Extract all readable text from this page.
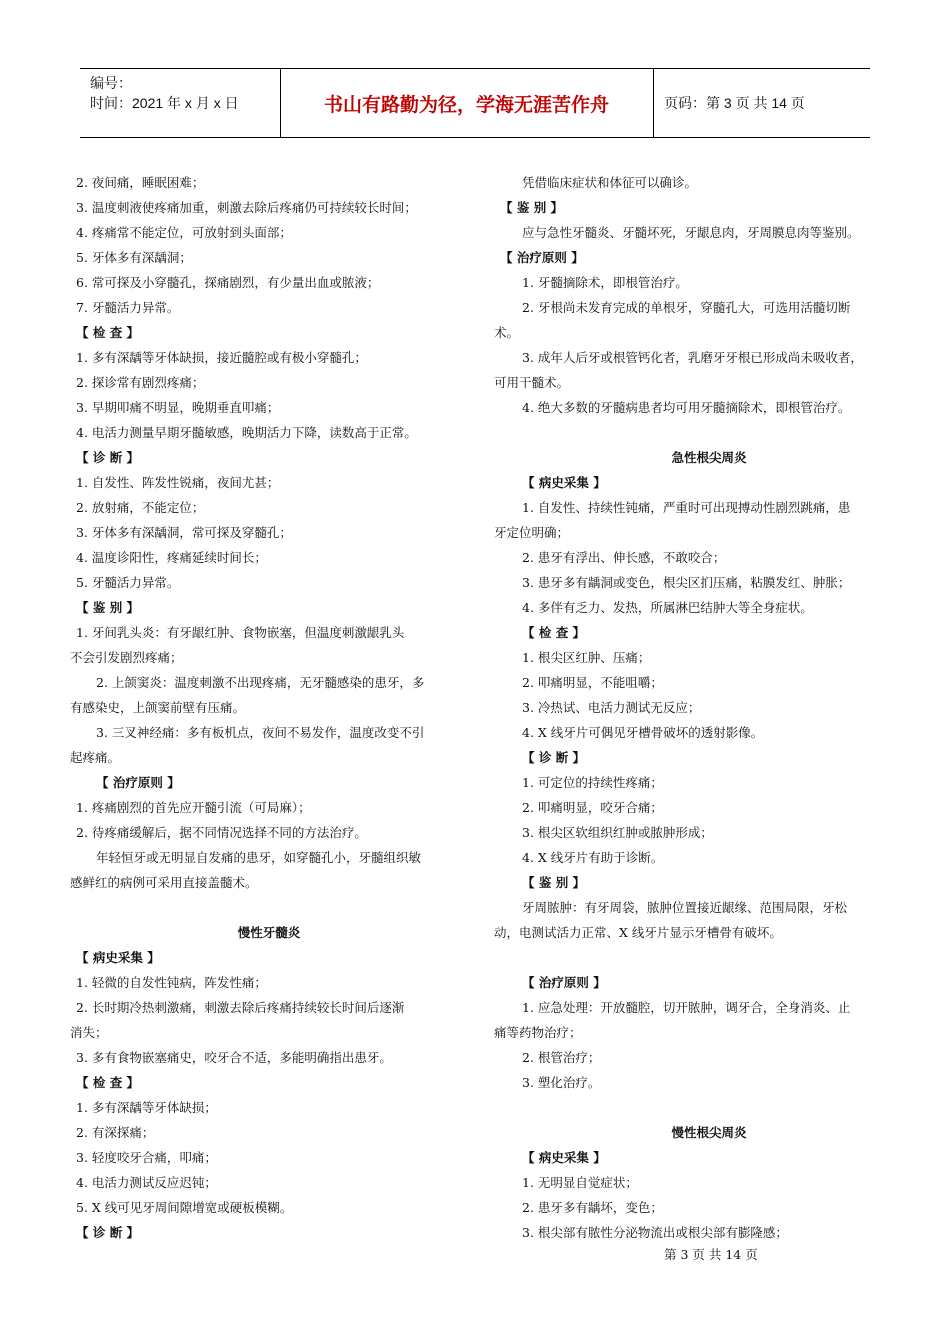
编号：
时间：2021 年 x 月 x 日	书山有路勤为径，学海无涯苦作舟	页码：第 3 页 共 14 页
2. 夜间痛，睡眠困难；
3. 温度刺液使疼痛加重，刺激去除后疼痛仍可持续较长时间；
4. 疼痛常不能定位，可放射到头面部；
5. 牙体多有深龋洞；
6. 常可探及小穿髓孔，探痛剧烈，有少量出血或脓液；
7. 牙髓活力异常。
【 检 查 】
1. 多有深龋等牙体缺损，接近髓腔或有极小穿髓孔；
2. 探诊常有剧烈疼痛；
3. 早期叩痛不明显，晚期垂直叩痛；
4. 电活力测量早期牙髓敏感，晚期活力下降，读数高于正常。
【 诊 断 】
1. 自发性、阵发性锐痛，夜间尤甚；
2. 放射痛，不能定位；
3. 牙体多有深龋洞，常可探及穿髓孔；
4. 温度诊阳性，疼痛延续时间长；
5. 牙髓活力异常。
【 鉴 别 】
1. 牙间乳头炎：有牙龈红肿、食物嵌塞，但温度刺激龈乳头
不会引发剧烈疼痛；
2. 上颌窦炎：温度刺激不出现疼痛，无牙髓感染的患牙，多
有感染史，上颌窦前壁有压痛。
3. 三叉神经痛：多有板机点，夜间不易发作，温度改变不引
起疼痛。
【 治疗原则 】
1. 疼痛剧烈的首先应开髓引流（可局麻）；
2. 待疼痛缓解后，据不同情况选择不同的方法治疗。
年轻恒牙或无明显自发痛的患牙，如穿髓孔小，牙髓组织敏
感鲜红的病例可采用直接盖髓术。
慢性牙髓炎
【 病史采集 】
1. 轻微的自发性钝病，阵发性痛；
2. 长时期冷热刺激痛，刺激去除后疼痛持续较长时间后逐渐
消失；
3. 多有食物嵌塞痛史，咬牙合不适，多能明确指出患牙。
【 检 查 】
1. 多有深龋等牙体缺损；
2. 有深探痛；
3. 轻度咬牙合痛，叩痛；
4. 电活力测试反应迟钝；
5. X 线可见牙周间隙增宽或硬板模糊。
【 诊 断 】
凭借临床症状和体征可以确诊。
【 鉴 别 】
应与急性牙髓炎、牙髓坏死，牙龈息肉，牙周膜息肉等鉴别。
【 治疗原则 】
1. 牙髓摘除术，即根管治疗。
2. 牙根尚未发育完成的单根牙，穿髓孔大，可选用活髓切断
术。
3. 成年人后牙或根管钙化者，乳磨牙牙根已形成尚未吸收者，
可用干髓术。
4. 绝大多数的牙髓病患者均可用牙髓摘除术，即根管治疗。
急性根尖周炎
【 病史采集 】
1. 自发性、持续性钝痛，严重时可出现搏动性剧烈跳痛，患
牙定位明确；
2. 患牙有浮出、伸长感，不敢咬合；
3. 患牙多有龋洞或变色，根尖区扪压痛，粘膜发红、肿胀；
4. 多伴有乏力、发热，所属淋巴结肿大等全身症状。
【 检 查 】
1. 根尖区红肿、压痛；
2. 叩痛明显，不能咀嚼；
3. 冷热试、电活力测试无反应；
4. X 线牙片可偶见牙槽骨破坏的透射影像。
【 诊 断 】
1. 可定位的持续性疼痛；
2. 叩痛明显，咬牙合痛；
3. 根尖区软组织红肿或脓肿形成；
4. X 线牙片有助于诊断。
【 鉴 别 】
牙周脓肿：有牙周袋，脓肿位置接近龈缘、范围局限，牙松
动，电测试活力正常、X 线牙片显示牙槽骨有破坏。
【 治疗原则 】
1. 应急处理：开放髓腔，切开脓肿，调牙合，全身消炎、止
痛等药物治疗；
2. 根管治疗；
3. 塑化治疗。
慢性根尖周炎
【 病史采集 】
1. 无明显自觉症状；
2. 患牙多有龋坏，变色；
3. 根尖部有脓性分泌物流出或根尖部有膨隆感；
第 3 页 共 14 页
